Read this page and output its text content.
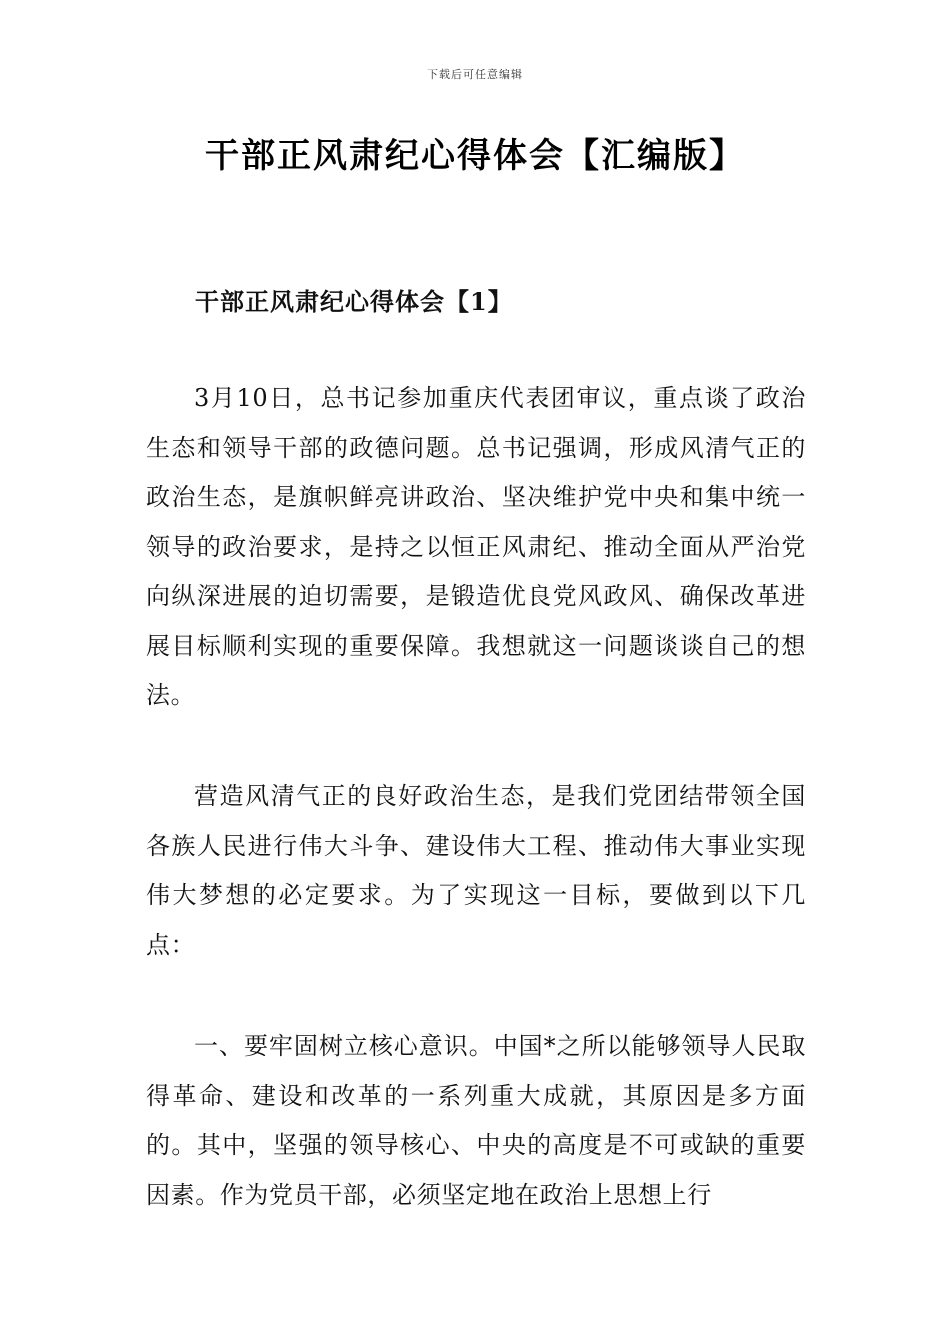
下载后可任意编辑
干部正风肃纪心得体会【汇编版】
干部正风肃纪心得体会【1】

3月10日，总书记参加重庆代表团审议，重点谈了政治生态和领导干部的政德问题。总书记强调，形成风清气正的政治生态，是旗帜鲜亮讲政治、坚决维护党中央和集中统一领导的政治要求，是持之以恒正风肃纪、推动全面从严治党向纵深进展的迫切需要，是锻造优良党风政风、确保改革进展目标顺利实现的重要保障。我想就这一问题谈谈自己的想法。

营造风清气正的良好政治生态，是我们党团结带领全国各族人民进行伟大斗争、建设伟大工程、推动伟大事业实现伟大梦想的必定要求。为了实现这一目标，要做到以下几点：

一、要牢固树立核心意识。中国*之所以能够领导人民取得革命、建设和改革的一系列重大成就，其原因是多方面的。其中，坚强的领导核心、中央的高度是不可或缺的重要因素。作为党员干部，必须坚定地在政治上思想上行
